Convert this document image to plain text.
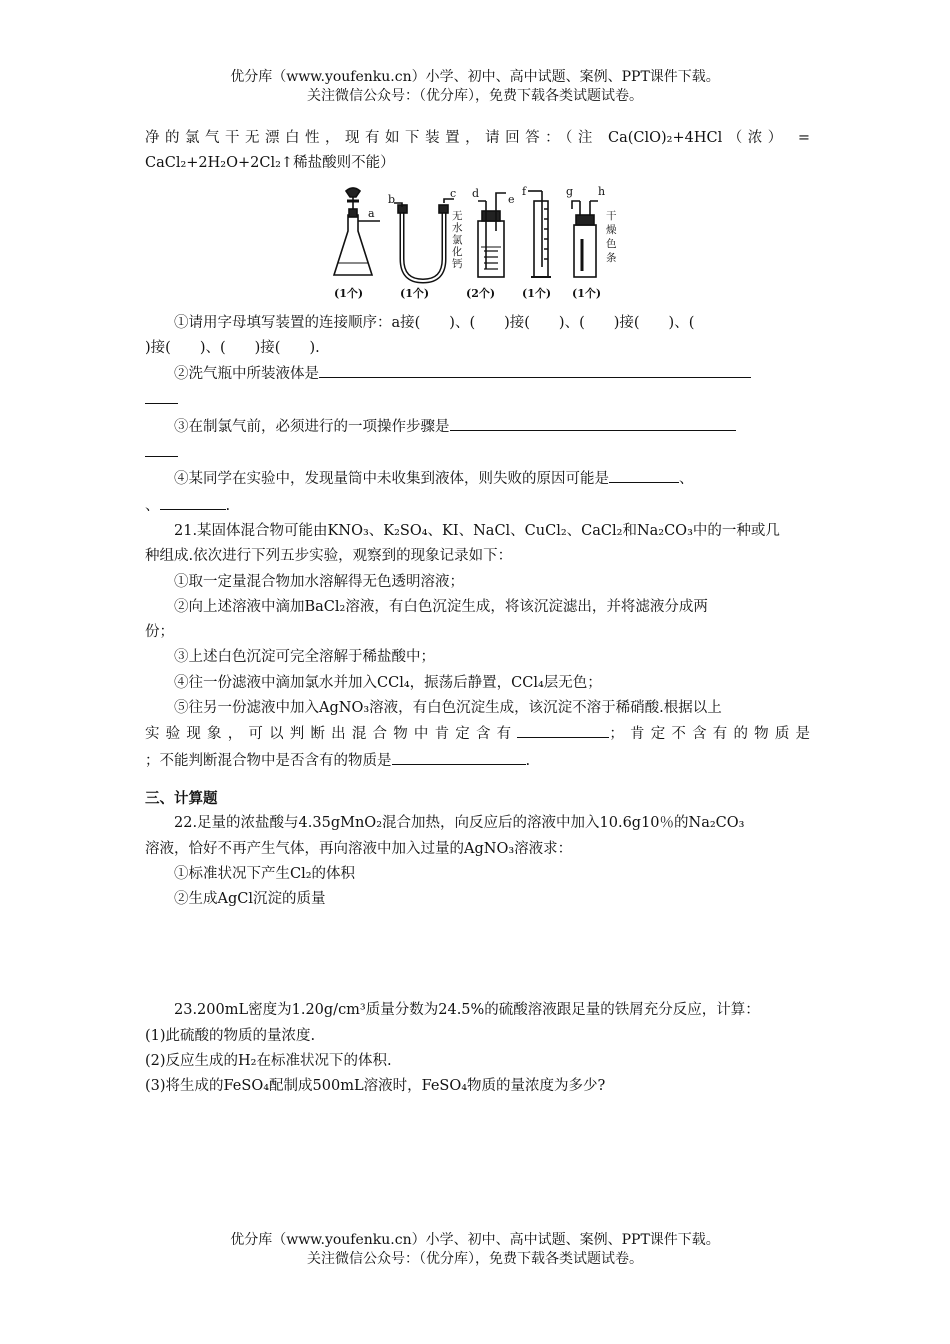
优分库（www.youfenku.cn）小学、初中、高中试题、案例、PPT课件下载。
关注微信公众号：（优分库），免费下载各类试题试卷。
净的氯气干无漂白性，现有如下装置，请回答：（注 Ca(ClO)₂+4HCl（浓） =
CaCl₂+2H₂O+2Cl₂↑稀盐酸则不能）
a
b	c d	e
f	g h
无
水
氯
化
钙
干
燥
色
条
(1个)	(1个)	(2个) (1个) (1个)
①请用字母填写装置的连接顺序：a接(　　)、(　　)接(　　)、(　　)接(　　)、(
)接(　　)、(　　)接(　　).
②洗气瓶中所装液体是
③在制氯气前，必须进行的一项操作步骤是
④某同学在实验中，发现量筒中未收集到液体，则失败的原因可能是	、
、	.
21.某固体混合物可能由KNO₃、K₂SO₄、KI、NaCl、CuCl₂、CaCl₂和Na₂CO₃中的一种或几
种组成.依次进行下列五步实验，观察到的现象记录如下：
①取一定量混合物加水溶解得无色透明溶液；
②向上述溶液中滴加BaCl₂溶液，有白色沉淀生成，将该沉淀滤出，并将滤液分成两
份；
③上述白色沉淀可完全溶解于稀盐酸中；
④往一份滤液中滴加氯水并加入CCl₄，振荡后静置，CCl₄层无色；
⑤往另一份滤液中加入AgNO₃溶液，有白色沉淀生成，该沉淀不溶于稀硝酸.根据以上
实验现象，可以判断出混合物中肯定含有	；肯定不含有的物质是
；不能判断混合物中是否含有的物质是	.
三、计算题
22.足量的浓盐酸与4.35gMnO₂混合加热，向反应后的溶液中加入10.6g10％的Na₂CO₃
溶液，恰好不再产生气体，再向溶液中加入过量的AgNO₃溶液求：
①标准状况下产生Cl₂的体积
②生成AgCl沉淀的质量
23.200mL密度为1.20g/cm³质量分数为24.5%的硫酸溶液跟足量的铁屑充分反应，计算：
(1)此硫酸的物质的量浓度.
(2)反应生成的H₂在标准状况下的体积.
(3)将生成的FeSO₄配制成500mL溶液时，FeSO₄物质的量浓度为多少?
优分库（www.youfenku.cn）小学、初中、高中试题、案例、PPT课件下载。
关注微信公众号：（优分库），免费下载各类试题试卷。
